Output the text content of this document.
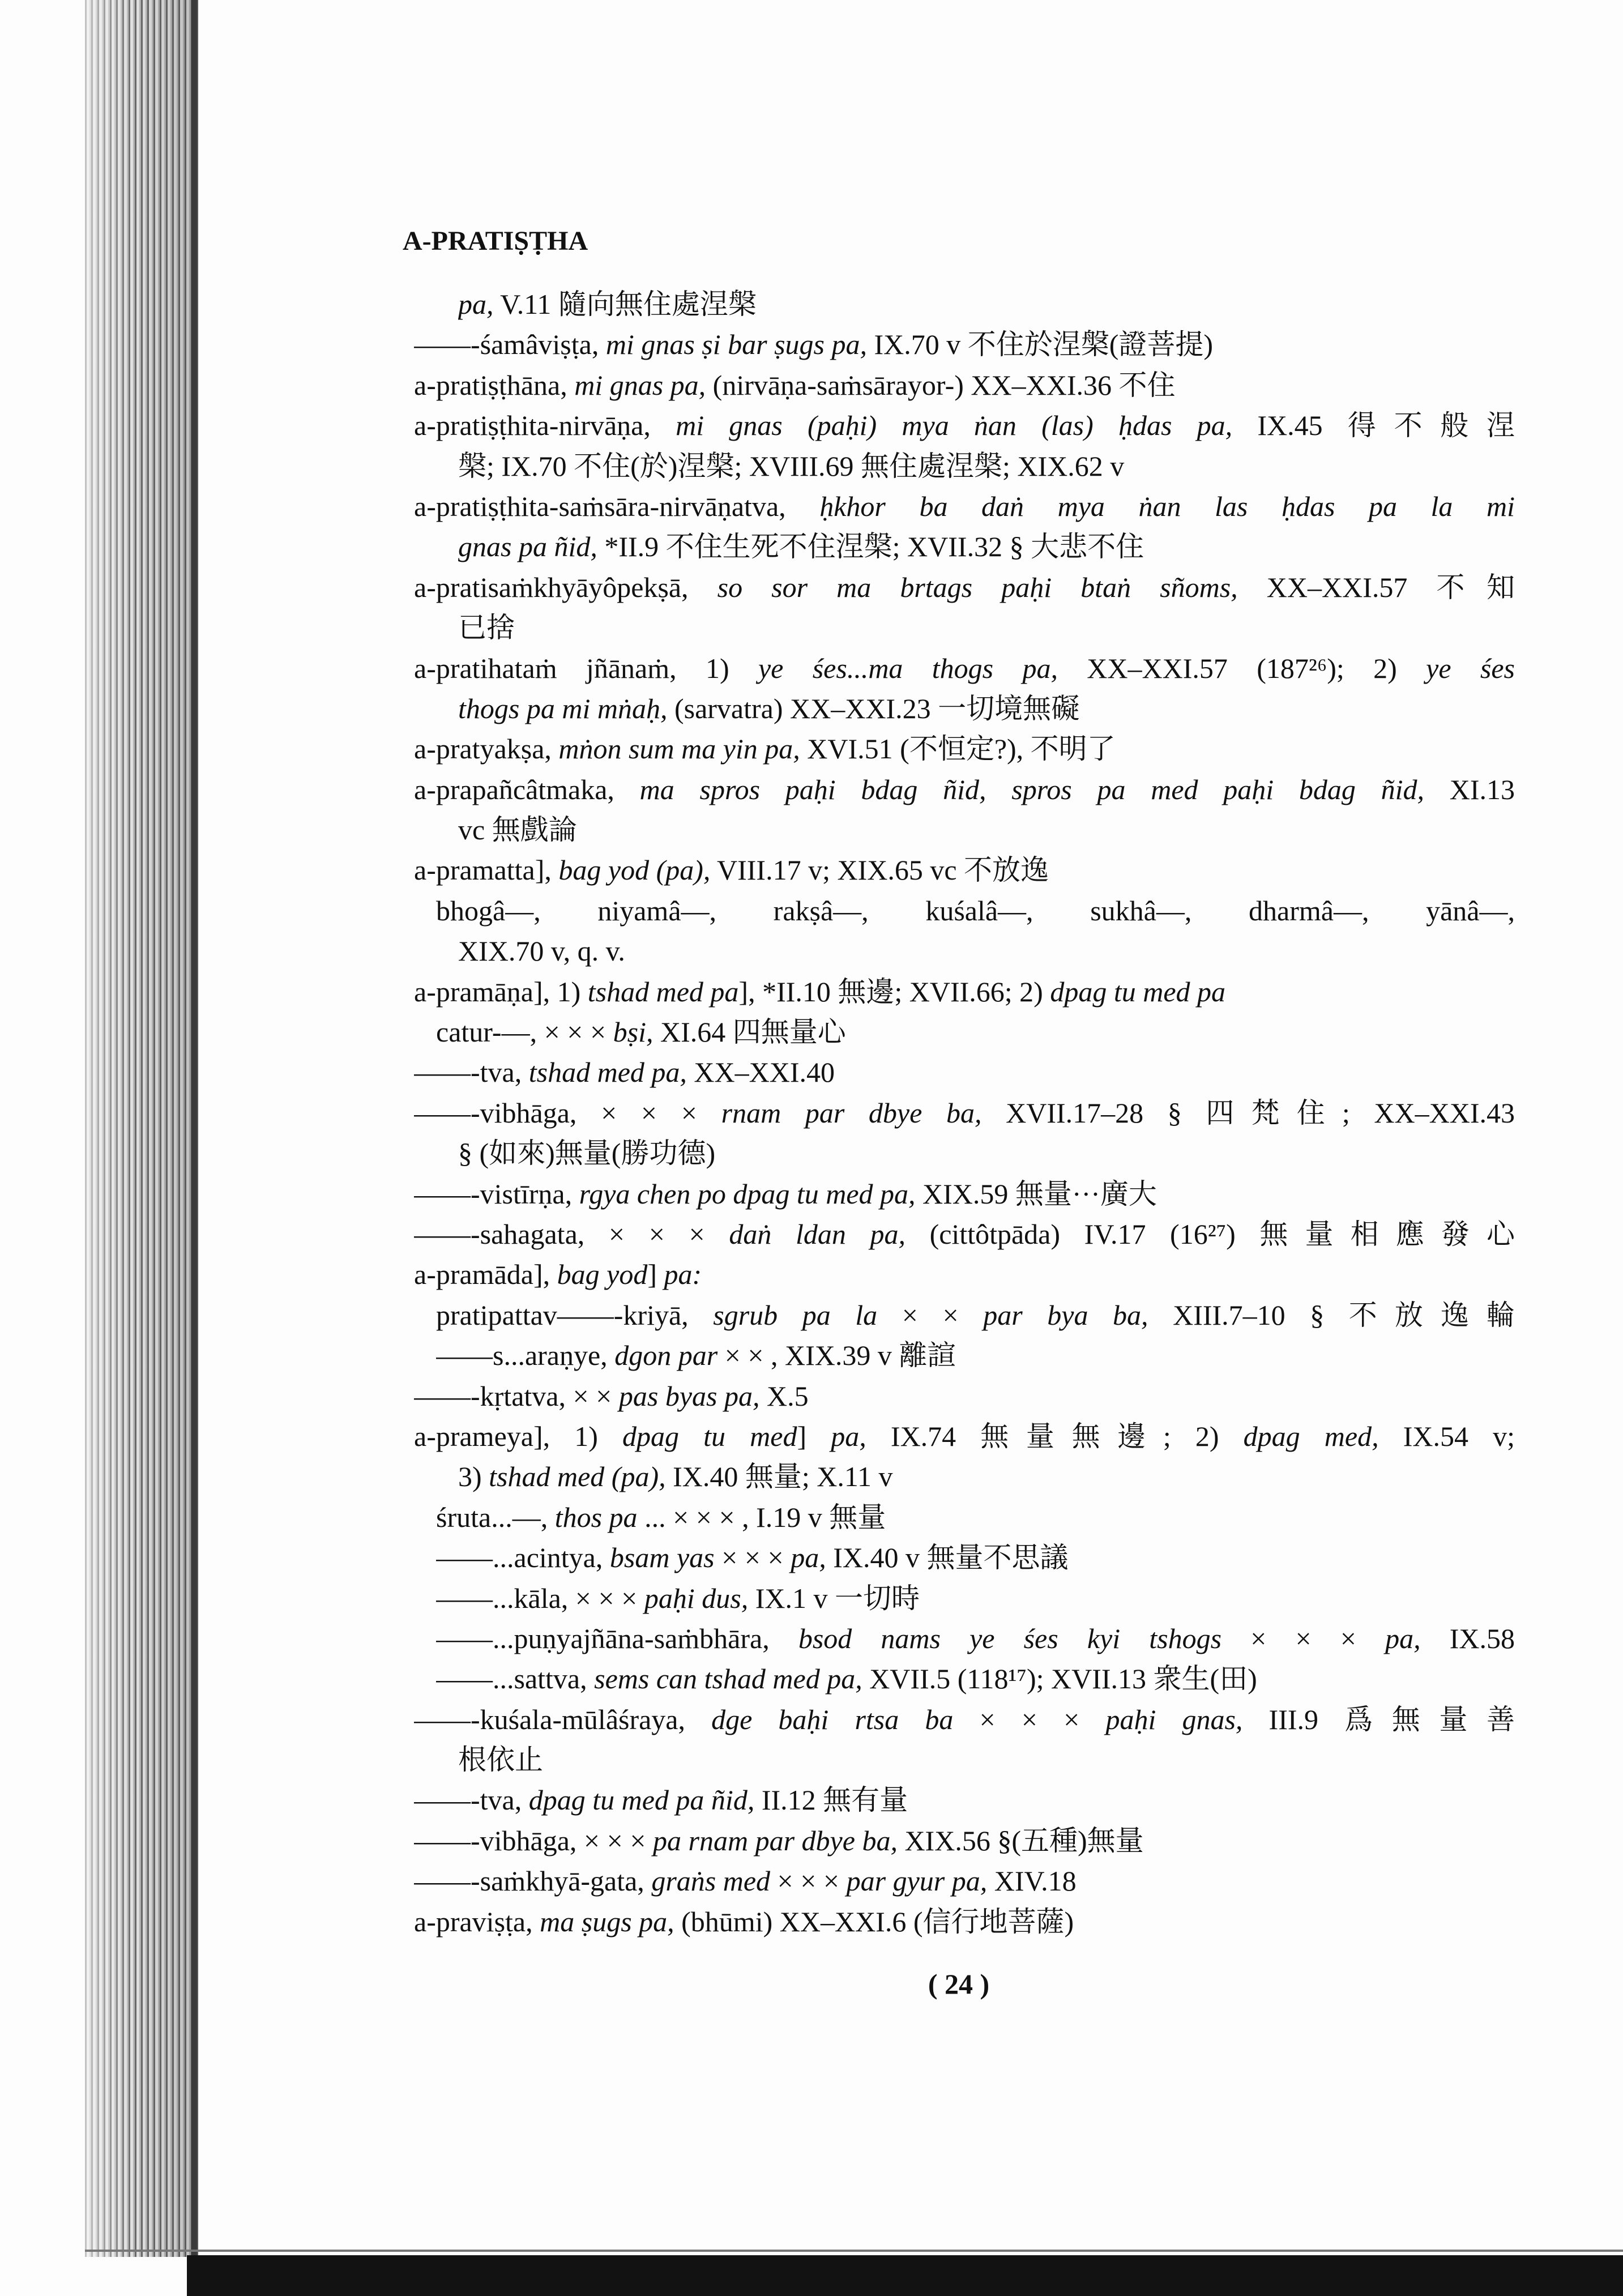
A-PRATIṢṬHA
pa, V.11 隨向無住處涅槃
——-śamâviṣṭa, mi gnas ṣi bar ṣugs pa, IX.70 v 不住於涅槃(證菩提)
a-pratiṣṭhāna, mi gnas pa, (nirvāṇa-saṁsārayor-) XX–XXI.36 不住
a-pratiṣṭhita-nirvāṇa, mi gnas (paḥi) mya ṅan (las) ḥdas pa, IX.45 得不般涅
槃; IX.70 不住(於)涅槃; XVIII.69 無住處涅槃; XIX.62 v
a-pratiṣṭhita-saṁsāra-nirvāṇatva, ḥkhor ba daṅ mya ṅan las ḥdas pa la mi
gnas pa ñid, *II.9 不住生死不住涅槃; XVII.32 § 大悲不住
a-pratisaṁkhyāyôpekṣā, so sor ma brtags paḥi btaṅ sñoms, XX–XXI.57 不知
已捨
a-pratihataṁ jñānaṁ, 1) ye śes...ma thogs pa, XX–XXI.57 (187²⁶); 2) ye śes
thogs pa mi mṅaḥ, (sarvatra) XX–XXI.23 一切境無礙
a-pratyakṣa, mṅon sum ma yin pa, XVI.51 (不恒定?), 不明了
a-prapañcâtmaka, ma spros paḥi bdag ñid, spros pa med paḥi bdag ñid, XI.13
vc 無戲論
a-pramatta], bag yod (pa), VIII.17 v; XIX.65 vc 不放逸
bhogâ—, niyamâ—, rakṣâ—, kuśalâ—, sukhâ—, dharmâ—, yānâ—,
XIX.70 v, q. v.
a-pramāṇa], 1) tshad med pa], *II.10 無邊; XVII.66; 2) dpag tu med pa
catur-—, × × × bṣi, XI.64 四無量心
——-tva, tshad med pa, XX–XXI.40
——-vibhāga, × × × rnam par dbye ba, XVII.17–28 § 四梵住; XX–XXI.43
§ (如來)無量(勝功德)
——-vistīrṇa, rgya chen po dpag tu med pa, XIX.59 無量···廣大
——-sahagata, × × × daṅ ldan pa, (cittôtpāda) IV.17 (16²⁷) 無量相應發心
a-pramāda], bag yod] pa:
pratipattav——-kriyā, sgrub pa la × × par bya ba, XIII.7–10 § 不放逸輪
——s...araṇye, dgon par × × , XIX.39 v 離諠
——-kṛtatva, × × pas byas pa, X.5
a-prameya], 1) dpag tu med] pa, IX.74 無量無邊; 2) dpag med, IX.54 v;
3) tshad med (pa), IX.40 無量; X.11 v
śruta...—, thos pa ... × × × , I.19 v 無量
——...acintya, bsam yas × × × pa, IX.40 v 無量不思議
——...kāla, × × × paḥi dus, IX.1 v 一切時
——...puṇyajñāna-saṁbhāra, bsod nams ye śes kyi tshogs × × × pa, IX.58
——...sattva, sems can tshad med pa, XVII.5 (118¹⁷); XVII.13 衆生(田)
——-kuśala-mūlâśraya, dge baḥi rtsa ba × × × paḥi gnas, III.9 爲無量善
根依止
——-tva, dpag tu med pa ñid, II.12 無有量
——-vibhāga, × × × pa rnam par dbye ba, XIX.56 §(五種)無量
——-saṁkhyā-gata, graṅs med × × × par gyur pa, XIV.18
a-praviṣṭa, ma ṣugs pa, (bhūmi) XX–XXI.6 (信行地菩薩)
( 24 )
